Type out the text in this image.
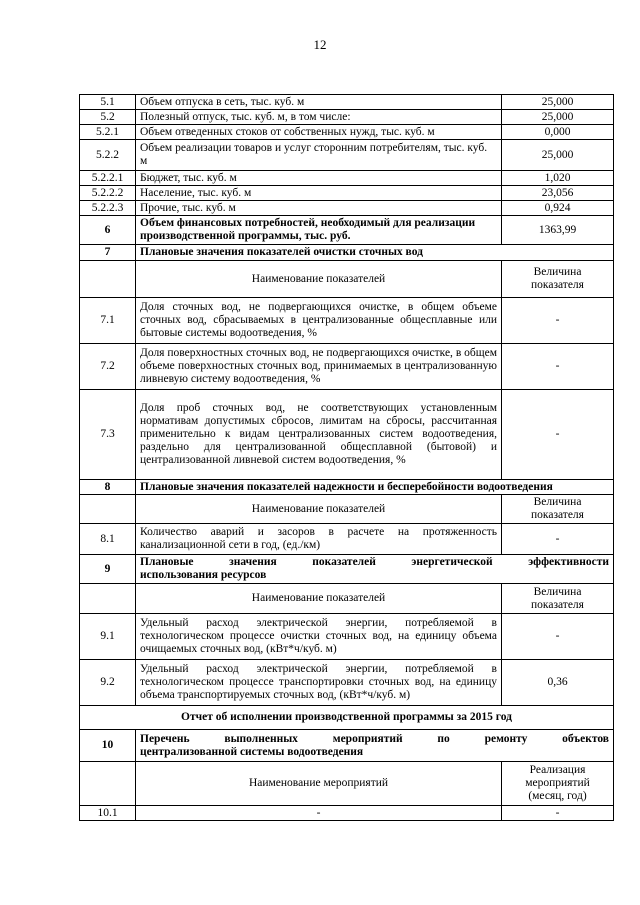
12
5.1	Объем отпуска в сеть, тыс. куб. м	25,000
5.2	Полезный отпуск, тыс. куб. м, в том числе:	25,000
5.2.1	Объем отведенных стоков от собственных нужд, тыс. куб. м	0,000
5.2.2	Объем реализации товаров и услуг сторонним потребителям, тыс. куб. м	25,000
5.2.2.1	Бюджет, тыс. куб. м	1,020
5.2.2.2	Население, тыс. куб. м	23,056
5.2.2.3	Прочие, тыс. куб. м	0,924
6	Объем финансовых потребностей, необходимый для реализации производственной программы, тыс. руб.	1363,99
7	Плановые значения показателей очистки сточных вод	
	Наименование показателей	Величина показателя
7.1	Доля сточных вод, не подвергающихся очистке, в общем объеме сточных вод, сбрасываемых в централизованные общесплавные или бытовые системы водоотведения, %	-
7.2	Доля поверхностных сточных вод, не подвергающихся очистке, в общем объеме поверхностных сточных вод, принимаемых в централизованную ливневую систему водоотведения, %	-
7.3	Доля проб сточных вод, не соответствующих установленным нормативам допустимых сбросов, лимитам на сбросы, рассчитанная применительно к видам централизованных систем водоотведения, раздельно для централизованной общесплавной (бытовой) и централизованной ливневой систем водоотведения, %	-
8	Плановые значения показателей надежности и бесперебойности водоотведения	
	Наименование показателей	Величина показателя
8.1	Количество аварий и засоров в расчете на протяженность канализационной сети в год, (ед./км)	-
9	Плановые значения показателей энергетической эффективности
использования ресурсов	

	Наименование показателей	Величина показателя
9.1	Удельный расход электрической энергии, потребляемой в технологическом процессе очистки сточных вод, на единицу объема очищаемых сточных вод, (кВт*ч/куб. м)	-
9.2	Удельный расход электрической энергии, потребляемой в технологическом процессе транспортировки сточных вод, на единицу объема транспортируемых сточных вод, (кВт*ч/куб. м)	0,36
Отчет об исполнении производственной программы за 2015 год		
10	Перечень выполненных мероприятий по ремонту объектов
централизованной системы водоотведения	

	Наименование мероприятий	Реализация мероприятий (месяц, год)
10.1	-	-
